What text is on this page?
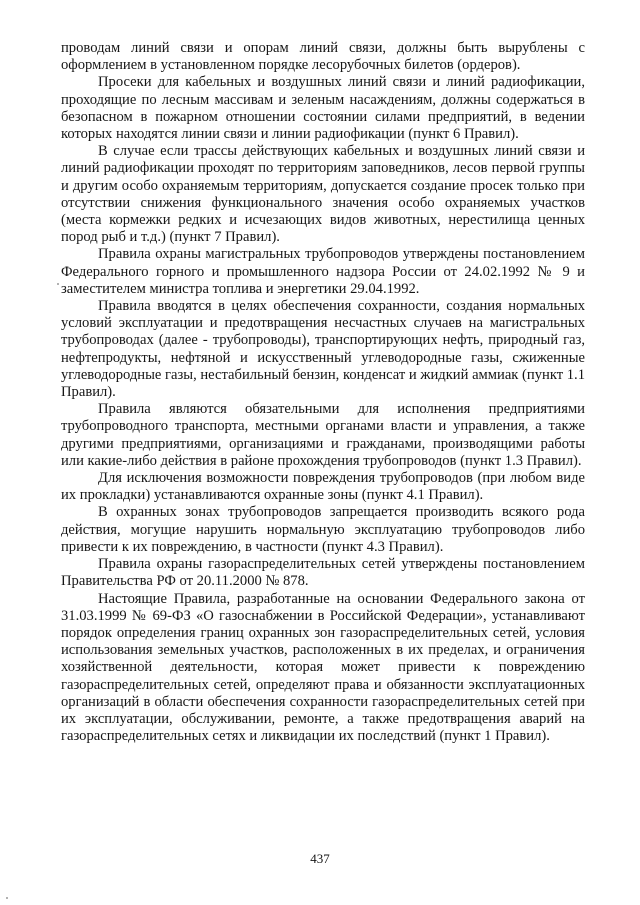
проводам линий связи и опорам линий связи, должны быть вырублены с оформлением в установленном порядке лесорубочных билетов (ордеров).

Просеки для кабельных и воздушных линий связи и линий радиофикации, проходящие по лесным массивам и зеленым насаждениям, должны содержаться в безопасном в пожарном отношении состоянии силами предприятий, в ведении которых находятся линии связи и линии радиофикации (пункт 6 Правил).

В случае если трассы действующих кабельных и воздушных линий связи и линий радиофикации проходят по территориям заповедников, лесов первой группы и другим особо охраняемым территориям, допускается создание просек только при отсутствии снижения функционального значения особо охраняемых участков (места кормежки редких и исчезающих видов животных, нерестилища ценных пород рыб и т.д.) (пункт 7 Правил).

Правила охраны магистральных трубопроводов утверждены постановлением Федерального горного и промышленного надзора России от 24.02.1992 № 9 и заместителем министра топлива и энергетики 29.04.1992.

Правила вводятся в целях обеспечения сохранности, создания нормальных условий эксплуатации и предотвращения несчастных случаев на магистральных трубопроводах (далее - трубопроводы), транспортирующих нефть, природный газ, нефтепродукты, нефтяной и искусственный углеводородные газы, сжиженные углеводородные газы, нестабильный бензин, конденсат и жидкий аммиак (пункт 1.1 Правил).

Правила являются обязательными для исполнения предприятиями трубопроводного транспорта, местными органами власти и управления, а также другими предприятиями, организациями и гражданами, производящими работы или какие-либо действия в районе прохождения трубопроводов (пункт 1.3 Правил).

Для исключения возможности повреждения трубопроводов (при любом виде их прокладки) устанавливаются охранные зоны (пункт 4.1 Правил).

В охранных зонах трубопроводов запрещается производить всякого рода действия, могущие нарушить нормальную эксплуатацию трубопроводов либо привести к их повреждению, в частности (пункт 4.3 Правил).

Правила охраны газораспределительных сетей утверждены постановлением Правительства РФ от 20.11.2000 № 878.

Настоящие Правила, разработанные на основании Федерального закона от 31.03.1999 № 69-ФЗ «О газоснабжении в Российской Федерации», устанавливают порядок определения границ охранных зон газораспределительных сетей, условия использования земельных участков, расположенных в их пределах, и ограничения хозяйственной деятельности, которая может привести к повреждению газораспределительных сетей, определяют права и обязанности эксплуатационных организаций в области обеспечения сохранности газораспределительных сетей при их эксплуатации, обслуживании, ремонте, а также предотвращения аварий на газораспределительных сетях и ликвидации их последствий (пункт 1 Правил).

437
